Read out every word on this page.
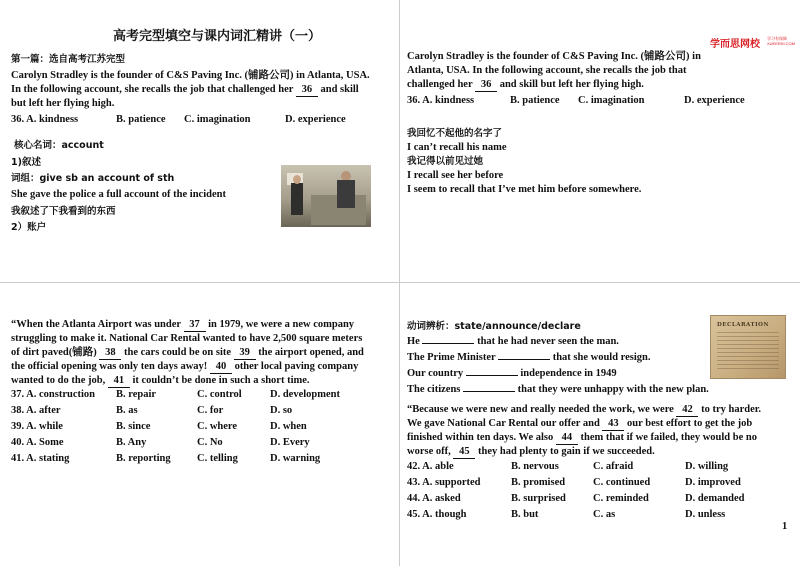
高考完型填空与课内词汇精讲（一）
第一篇：选自高考江苏完型
Carolyn Stradley is the founder of C&S Paving Inc. (铺路公司) in Atlanta, USA.
In the following account, she recalls the job that challenged her 36 and skill
but left her flying high.
36. A. kindness	B. patience C. imagination	D. experience
核心名词：account
1)叙述
词组：give sb an account of sth
She gave the police a full account of the incident
我叙述了下我看到的东西
2）账户
学而思网校
学习有保障
XUEERSI.COM
Carolyn Stradley is the founder of C&S Paving Inc. (铺路公司) in
Atlanta, USA. In the following account, she recalls the job that
challenged her 36 and skill but left her flying high.
36. A. kindness	B. patience C. imagination	D. experience
我回忆不起他的名字了
I can’t recall his name
我记得以前见过她
I recall see her before
I seem to recall that I’ve met him before somewhere.
“When the Atlanta Airport was under 37 in 1979, we were a new company
struggling to make it. National Car Rental wanted to have 2,500 square meters
of dirt paved(铺路) 38 the cars could be on site 39 the airport opened, and
the official opening was only ten days away! 40 other local paving company
wanted to do the job, 41 it couldn’t be done in such a short time.
37. A. construction B. repair	C. control	D. development
38. A. after	B. as	C. for	D. so
39. A. while	B. since	C. where	D. when
40. A. Some	B. Any	C. No	D. Every
41. A. stating	B. reporting	C. telling	D. warning
动词辨析：state/announce/declare
He	that he had never seen the man.
The Prime Minister	that she would resign.
Our country	independence in 1949
The citizens	that they were unhappy with the new plan.
DECLARATION
“Because we were new and really needed the work, we were 42 to try harder.
We gave National Car Rental our offer and 43 our best effort to get the job
finished within ten days. We also 44 them that if we failed, they would be no
worse off, 45 they had plenty to gain if we succeeded.
42. A. able	B. nervous	C. afraid	D. willing
43. A. supported	B. promised	C. continued	D. improved
44. A. asked	B. surprised	C. reminded	D. demanded
45. A. though	B. but	C. as	D. unless
1
